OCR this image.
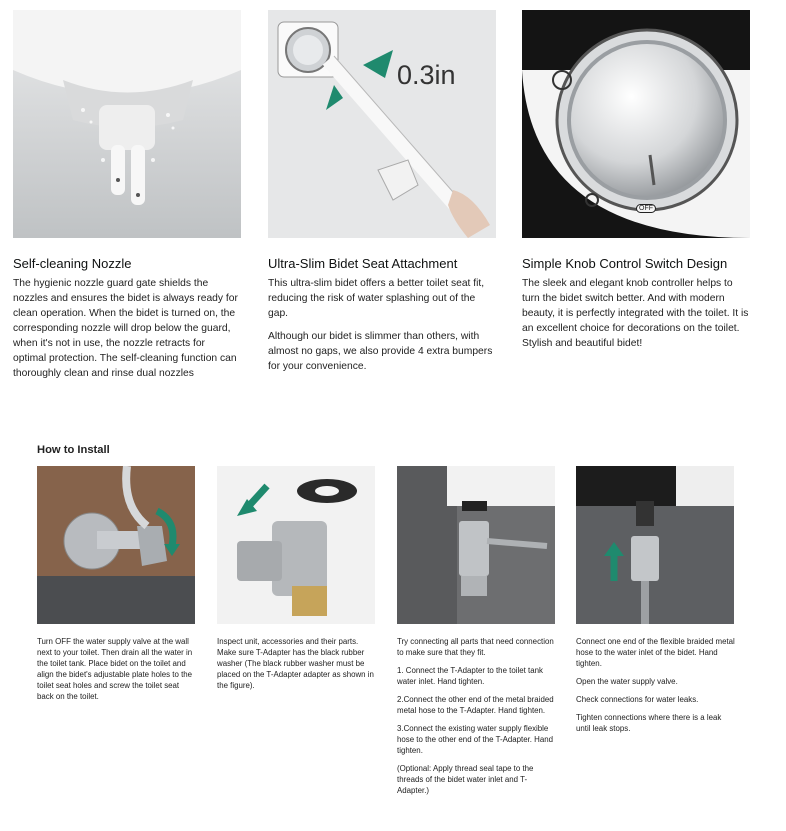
0.3in
OFF
Self-cleaning Nozzle
The hygienic nozzle guard gate shields the nozzles and ensures the bidet is always ready for clean operation. When the bidet is turned on, the corresponding nozzle will drop below the guard, when it's not in use, the nozzle retracts for optimal protection. The self-cleaning function can thoroughly clean and rinse dual nozzles
Ultra-Slim Bidet Seat Attachment
This ultra-slim bidet offers a better toilet seat fit, reducing the risk of water splashing out of the gap.
Although our bidet is slimmer than others, with almost no gaps, we also provide 4 extra bumpers for your convenience.
Simple Knob Control Switch Design
The sleek and elegant knob controller helps to turn the bidet switch better. And with modern beauty, it is perfectly integrated with the toilet. It is an excellent choice for decorations on the toilet. Stylish and beautiful bidet!
How to Install

Turn OFF the water supply valve at the wall next to your toilet. Then drain all the water in the toilet tank. Place bidet on the toilet and align the bidet's adjustable plate holes to the toilet seat holes and screw the toilet seat back on the toilet.

Inspect unit, accessories and their parts. Make sure T-Adapter has the black rubber washer (The black rubber washer must be placed on the T-Adapter adapter as shown in the figure).

Try connecting all parts that need connection to make sure that they fit.

1. Connect the T-Adapter to the toilet tank water inlet. Hand tighten.

2.Connect the other end of the metal braided metal hose to the T-Adapter. Hand tighten.

3.Connect the existing water supply flexible hose to the other end of the T-Adapter. Hand tighten.

(Optional: Apply thread seal tape to the threads of the bidet water inlet and T-Adapter.)

Connect one end of the flexible braided metal hose to the water inlet of the bidet. Hand tighten.

Open the water supply valve.

Check connections for water leaks.

Tighten connections where there is a leak until leak stops.
